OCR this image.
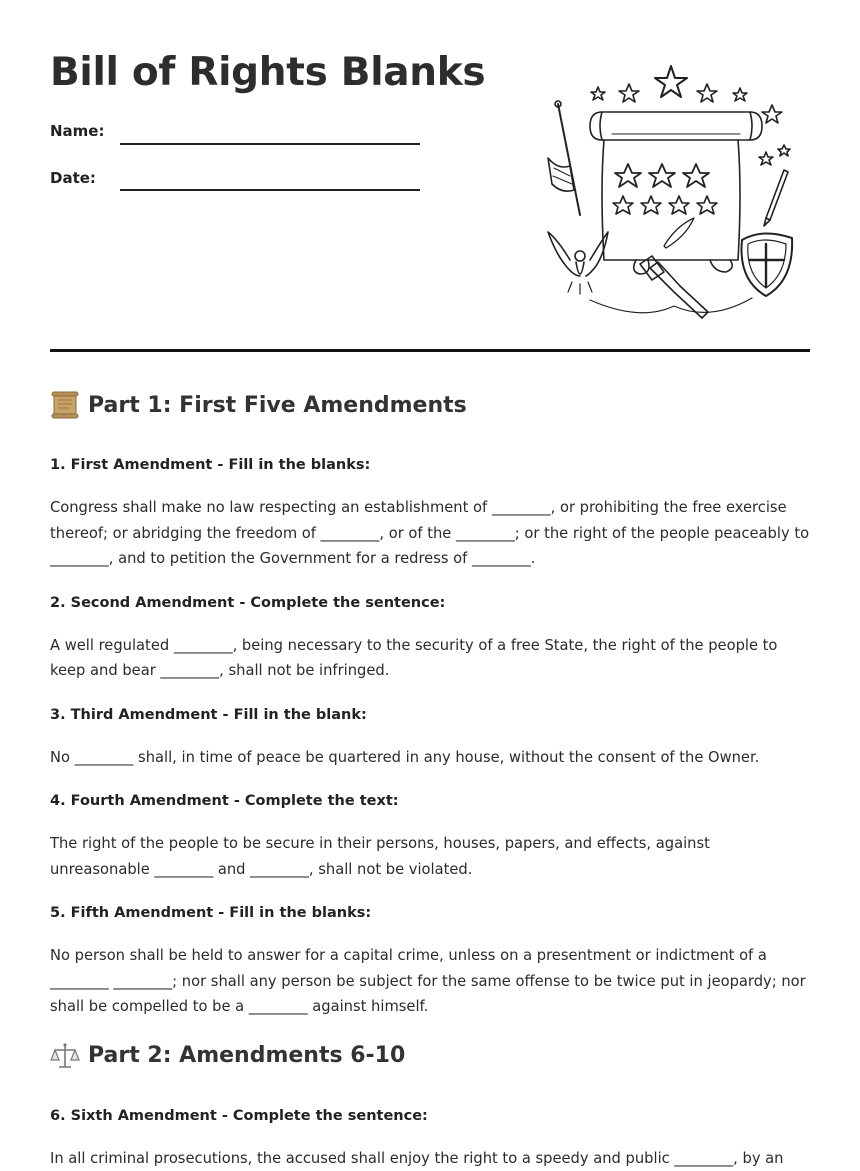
Bill of Rights Blanks
Name:
Date:
Part 1: First Five Amendments

1. First Amendment - Fill in the blanks:

Congress shall make no law respecting an establishment of ________, or prohibiting the free exercise thereof; or abridging the freedom of ________, or of the ________; or the right of the people peaceably to ________, and to petition the Government for a redress of ________.

2. Second Amendment - Complete the sentence:

A well regulated ________, being necessary to the security of a free State, the right of the people to keep and bear ________, shall not be infringed.

3. Third Amendment - Fill in the blank:

No ________ shall, in time of peace be quartered in any house, without the consent of the Owner.

4. Fourth Amendment - Complete the text:

The right of the people to be secure in their persons, houses, papers, and effects, against unreasonable ________ and ________, shall not be violated.

5. Fifth Amendment - Fill in the blanks:

No person shall be held to answer for a capital crime, unless on a presentment or indictment of a ________ ________; nor shall any person be subject for the same offense to be twice put in jeopardy; nor shall be compelled to be a ________ against himself.

Part 2: Amendments 6-10

6. Sixth Amendment - Complete the sentence:

In all criminal prosecutions, the accused shall enjoy the right to a speedy and public ________, by an
